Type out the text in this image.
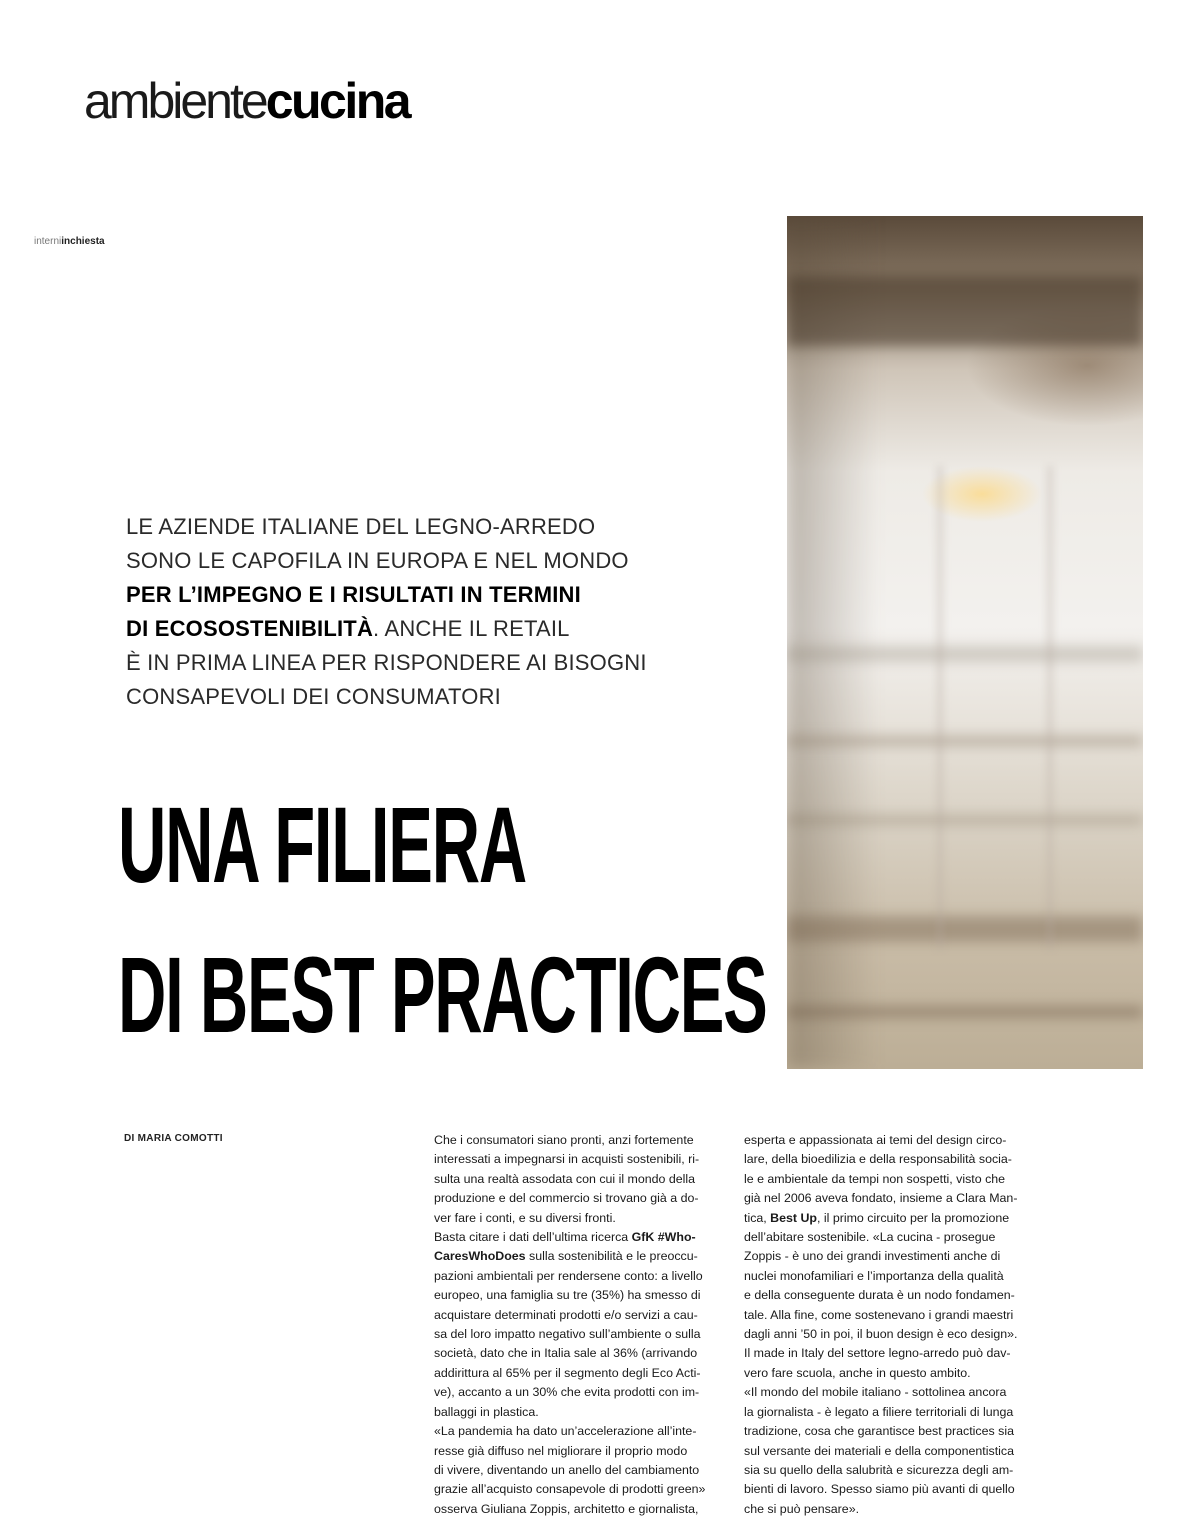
ambientecucina
interniinchiesta
LE AZIENDE ITALIANE DEL LEGNO-ARREDO
SONO LE CAPOFILA IN EUROPA E NEL MONDO
PER L’IMPEGNO E I RISULTATI IN TERMINI
DI ECOSOSTENIBILITÀ. ANCHE IL RETAIL
È IN PRIMA LINEA PER RISPONDERE AI BISOGNI
CONSAPEVOLI DEI CONSUMATORI
UNA FILIERA
DI BEST PRACTICES
DI MARIA COMOTTI	Che i consumatori siano pronti, anzi fortemente
interessati a impegnarsi in acquisti sostenibili, ri-
sulta una realtà assodata con cui il mondo della
produzione e del commercio si trovano già a do-
ver fare i conti, e su diversi fronti.
Basta citare i dati dell’ultima ricerca GfK #Who-
CaresWhoDoes sulla sostenibilità e le preoccu-
pazioni ambientali per rendersene conto: a livello
europeo, una famiglia su tre (35%) ha smesso di
acquistare determinati prodotti e/o servizi a cau-
sa del loro impatto negativo sull’ambiente o sulla
società, dato che in Italia sale al 36% (arrivando
addirittura al 65% per il segmento degli Eco Acti-
ve), accanto a un 30% che evita prodotti con im-
ballaggi in plastica.
«La pandemia ha dato un’accelerazione all’inte-
resse già diffuso nel migliorare il proprio modo
di vivere, diventando un anello del cambiamento
grazie all’acquisto consapevole di prodotti green»
osserva Giuliana Zoppis, architetto e giornalista,
esperta e appassionata ai temi del design circo-
lare, della bioedilizia e della responsabilità socia-
le e ambientale da tempi non sospetti, visto che
già nel 2006 aveva fondato, insieme a Clara Man-
tica, Best Up, il primo circuito per la promozione
dell’abitare sostenibile. «La cucina - prosegue
Zoppis - è uno dei grandi investimenti anche di
nuclei monofamiliari e l’importanza della qualità
e della conseguente durata è un nodo fondamen-
tale. Alla fine, come sostenevano i grandi maestri
dagli anni ’50 in poi, il buon design è eco design».
Il made in Italy del settore legno-arredo può dav-
vero fare scuola, anche in questo ambito.
«Il mondo del mobile italiano - sottolinea ancora
la giornalista - è legato a filiere territoriali di lunga
tradizione, cosa che garantisce best practices sia
sul versante dei materiali e della componentistica
sia su quello della salubrità e sicurezza degli am-
bienti di lavoro. Spesso siamo più avanti di quello
che si può pensare».
